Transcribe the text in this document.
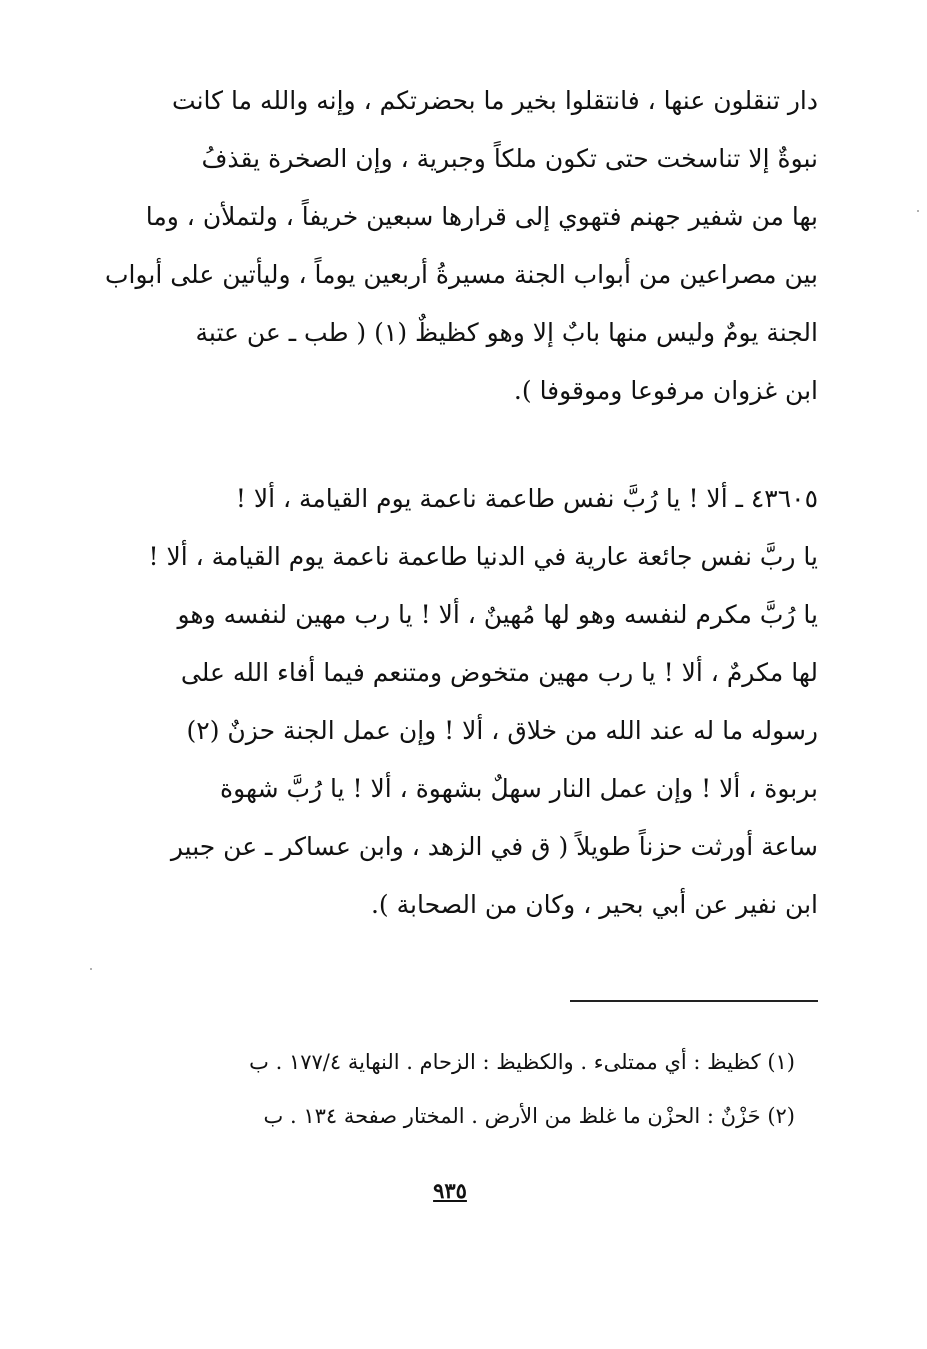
دار تنقلون عنها ، فانتقلوا بخير ما بحضرتكم ، وإنه والله ما كانت
نبوةٌ إلا تناسخت حتى تكون ملكاً وجبرية ، وإن الصخرة يقذفُ
بها من شفير جهنم فتهوي إلى قرارها سبعين خريفاً ، ولتملأن ، وما
بين مصراعين من أبواب الجنة مسيرةُ أربعين يوماً ، وليأتين على أبواب
الجنة يومٌ وليس منها بابٌ إلا وهو كظيظٌ (١) ( طب ـ عن عتبة
ابن غزوان مرفوعا وموقوفا ).
٤٣٦٠٥ ـ ألا ! يا رُبَّ نفس طاعمة ناعمة يوم القيامة ، ألا !
يا ربَّ نفس جائعة عارية في الدنيا طاعمة ناعمة يوم القيامة ، ألا !
يا رُبَّ مكرم لنفسه وهو لها مُهينٌ ، ألا ! يا رب مهين لنفسه وهو
لها مكرمٌ ، ألا ! يا رب مهين متخوض ومتنعم فيما أفاء الله على
رسوله ما له عند الله من خلاق ، ألا ! وإن عمل الجنة حزنٌ (٢)
بربوة ، ألا ! وإن عمل النار سهلٌ بشهوة ، ألا ! يا رُبَّ شهوة
ساعة أورثت حزناً طويلاً ( ق في الزهد ، وابن عساكر ـ عن جبير
ابن نفير عن أبي بحير ، وكان من الصحابة ).
(١) كظيظ : أي ممتلىء . والكظيظ : الزحام . النهاية ١٧٧/٤ . ب
(٢) حَزْنٌ : الحزْن ما غلظ من الأرض . المختار صفحة ١٣٤ . ب
٩٣٥
